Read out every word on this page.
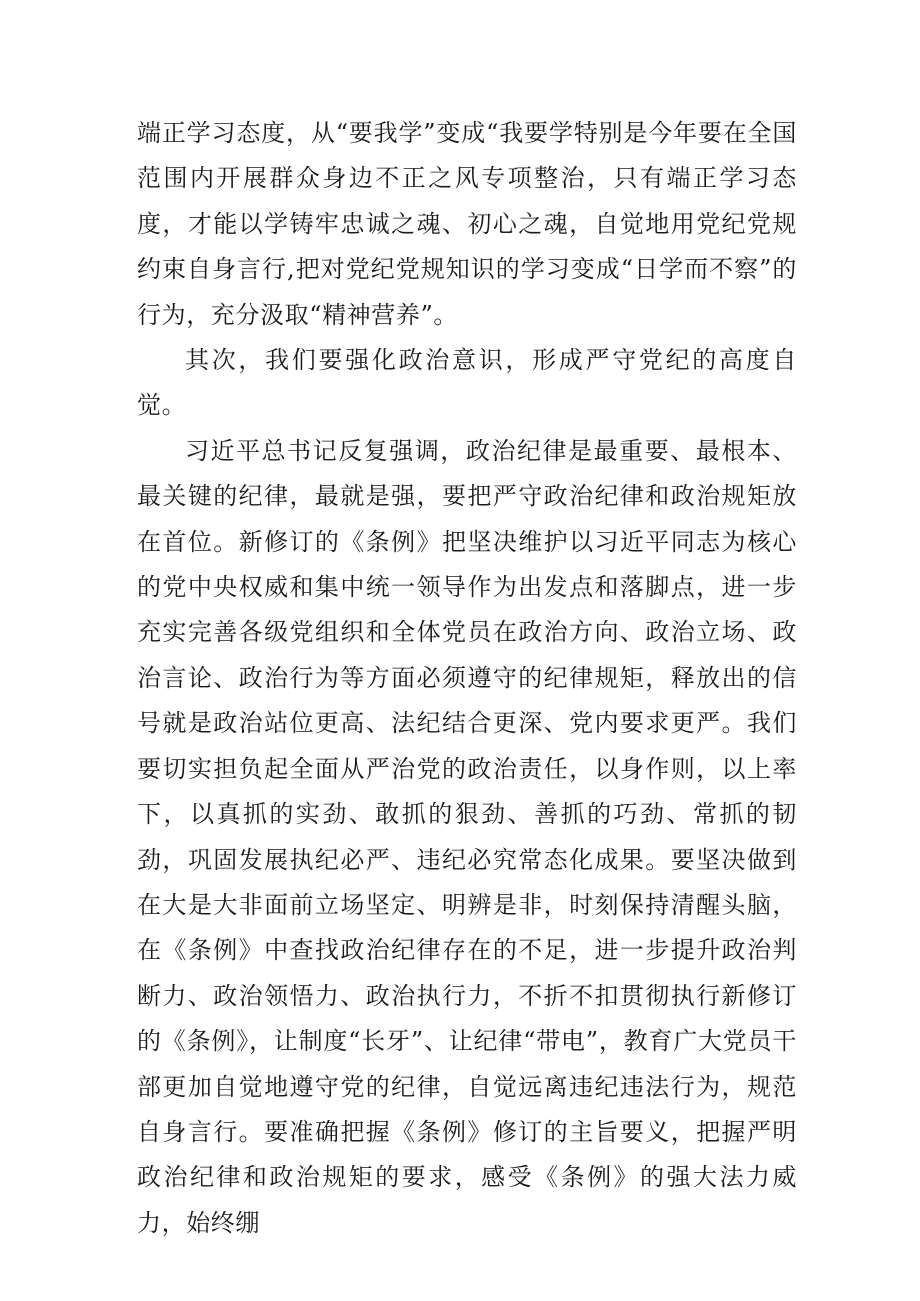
端正学习态度，从“要我学”变成“我要学特别是今年要在全国范围内开展群众身边不正之风专项整治，只有端正学习态度，才能以学铸牢忠诚之魂、初心之魂，自觉地用党纪党规约束自身言行,把对党纪党规知识的学习变成“日学而不察”的行为，充分汲取“精神营养”。

其次，我们要强化政治意识，形成严守党纪的高度自觉。

习近平总书记反复强调，政治纪律是最重要、最根本、最关键的纪律，最就是强，要把严守政治纪律和政治规矩放在首位。新修订的《条例》把坚决维护以习近平同志为核心的党中央权威和集中统一领导作为出发点和落脚点，进一步充实完善各级党组织和全体党员在政治方向、政治立场、政治言论、政治行为等方面必须遵守的纪律规矩，释放出的信号就是政治站位更高、法纪结合更深、党内要求更严。我们要切实担负起全面从严治党的政治责任，以身作则，以上率下，以真抓的实劲、敢抓的狠劲、善抓的巧劲、常抓的韧劲，巩固发展执纪必严、违纪必究常态化成果。要坚决做到在大是大非面前立场坚定、明辨是非，时刻保持清醒头脑，在《条例》中查找政治纪律存在的不足，进一步提升政治判断力、政治领悟力、政治执行力，不折不扣贯彻执行新修订的《条例》，让制度“长牙”、让纪律“带电”，教育广大党员干部更加自觉地遵守党的纪律，自觉远离违纪违法行为，规范自身言行。要准确把握《条例》修订的主旨要义，把握严明政治纪律和政治规矩的要求，感受《条例》的强大法力威力，始终绷
